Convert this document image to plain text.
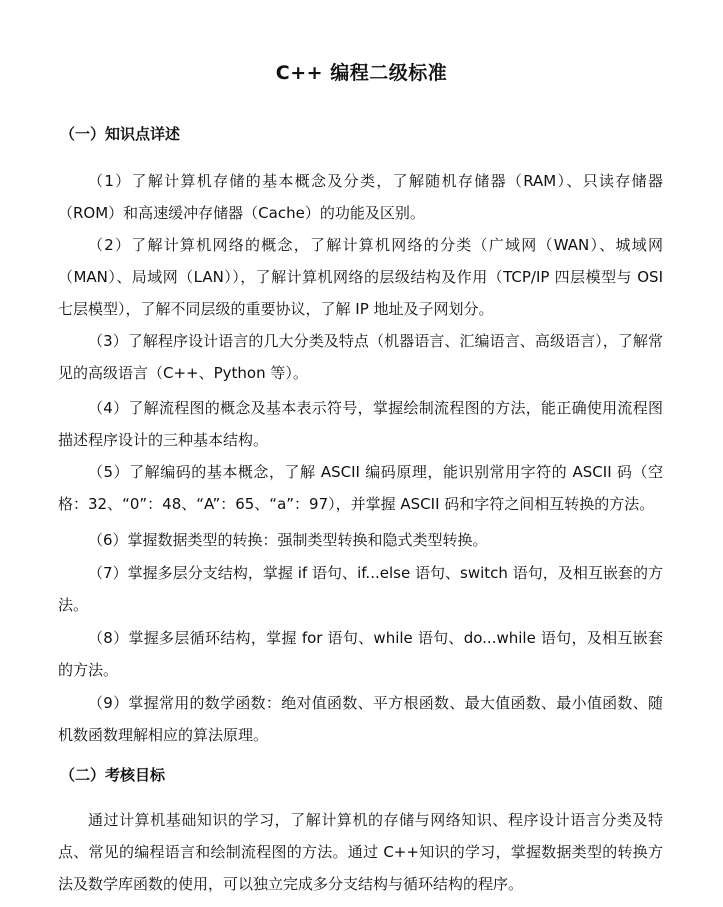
C++ 编程二级标准
（一）知识点详述

（1）了解计算机存储的基本概念及分类，了解随机存储器（RAM）、只读存储器（ROM）和高速缓冲存储器（Cache）的功能及区别。

（2）了解计算机网络的概念，了解计算机网络的分类（广域网（WAN）、城域网（MAN）、局域网（LAN）），了解计算机网络的层级结构及作用（TCP/IP 四层模型与 OSI 七层模型），了解不同层级的重要协议，了解 IP 地址及子网划分。

（3）了解程序设计语言的几大分类及特点（机器语言、汇编语言、高级语言），了解常见的高级语言（C++、Python 等）。

（4）了解流程图的概念及基本表示符号，掌握绘制流程图的方法，能正确使用流程图描述程序设计的三种基本结构。

（5）了解编码的基本概念，了解 ASCII 编码原理，能识别常用字符的 ASCII 码（空格：32、“0”：48、“A”：65、“a”：97），并掌握 ASCII 码和字符之间相互转换的方法。

（6）掌握数据类型的转换：强制类型转换和隐式类型转换。

（7）掌握多层分支结构，掌握 if 语句、if...else 语句、switch 语句，及相互嵌套的方法。

（8）掌握多层循环结构，掌握 for 语句、while 语句、do...while 语句，及相互嵌套的方法。

（9）掌握常用的数学函数：绝对值函数、平方根函数、最大值函数、最小值函数、随机数函数理解相应的算法原理。

（二）考核目标

通过计算机基础知识的学习，了解计算机的存储与网络知识、程序设计语言分类及特点、常见的编程语言和绘制流程图的方法。通过 C++知识的学习，掌握数据类型的转换方法及数学库函数的使用，可以独立完成多分支结构与循环结构的程序。
